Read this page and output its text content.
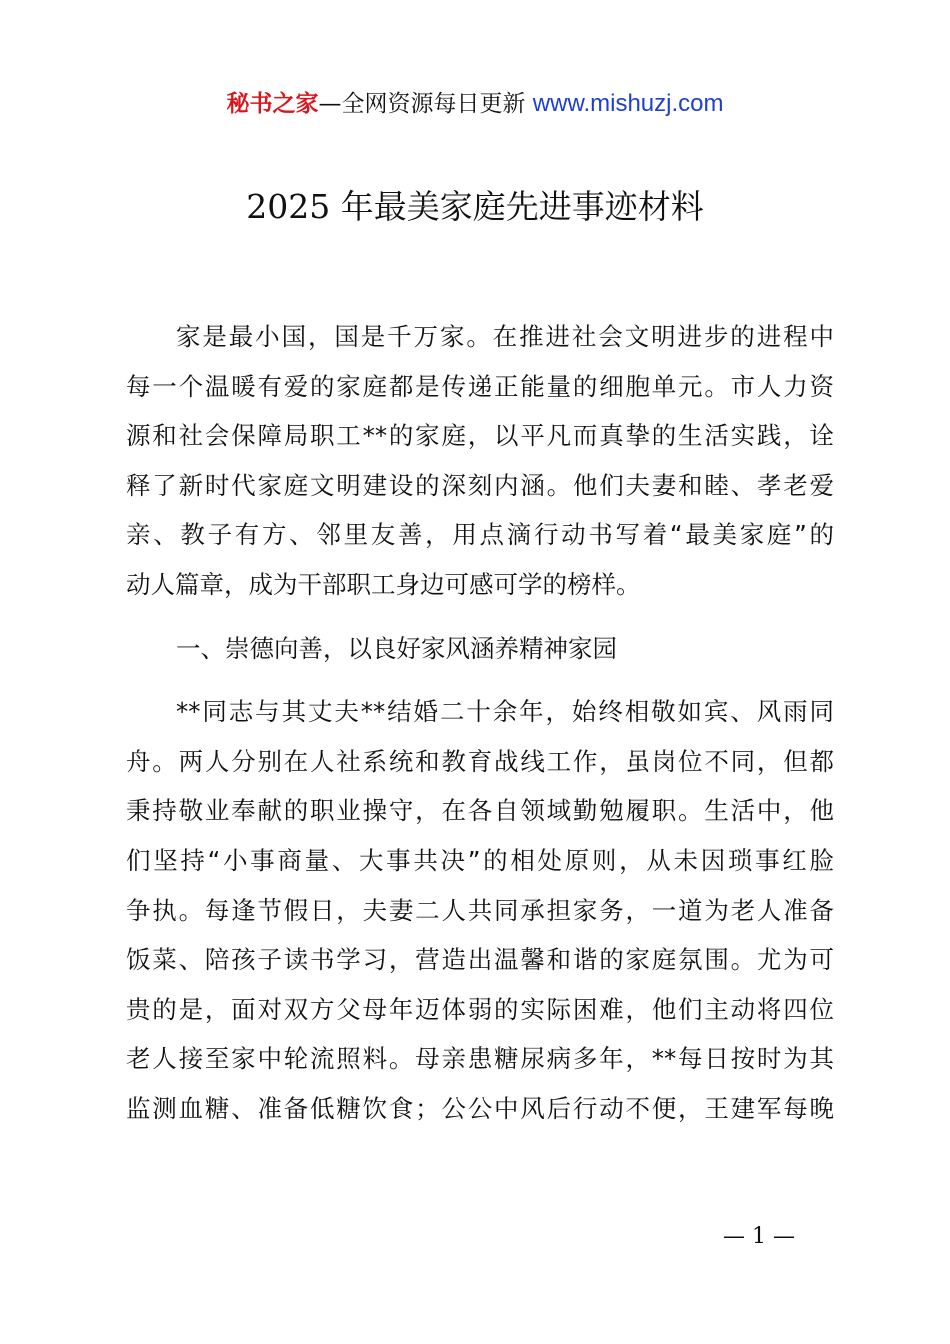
秘书之家—全网资源每日更新 www.mishuzj.com
2025 年最美家庭先进事迹材料
家是最小国，国是千万家。在推进社会文明进步的进程中
每一个温暖有爱的家庭都是传递正能量的细胞单元。市人力资
源和社会保障局职工**的家庭，以平凡而真挚的生活实践，诠
释了新时代家庭文明建设的深刻内涵。他们夫妻和睦、孝老爱
亲、教子有方、邻里友善，用点滴行动书写着“最美家庭”的
动人篇章，成为干部职工身边可感可学的榜样。
一、崇德向善，以良好家风涵养精神家园
**同志与其丈夫**结婚二十余年，始终相敬如宾、风雨同
舟。两人分别在人社系统和教育战线工作，虽岗位不同，但都
秉持敬业奉献的职业操守，在各自领域勤勉履职。生活中，他
们坚持“小事商量、大事共决”的相处原则，从未因琐事红脸
争执。每逢节假日，夫妻二人共同承担家务，一道为老人准备
饭菜、陪孩子读书学习，营造出温馨和谐的家庭氛围。尤为可
贵的是，面对双方父母年迈体弱的实际困难，他们主动将四位
老人接至家中轮流照料。母亲患糖尿病多年，**每日按时为其
监测血糖、准备低糖饮食；公公中风后行动不便，王建军每晚
— 1 —
